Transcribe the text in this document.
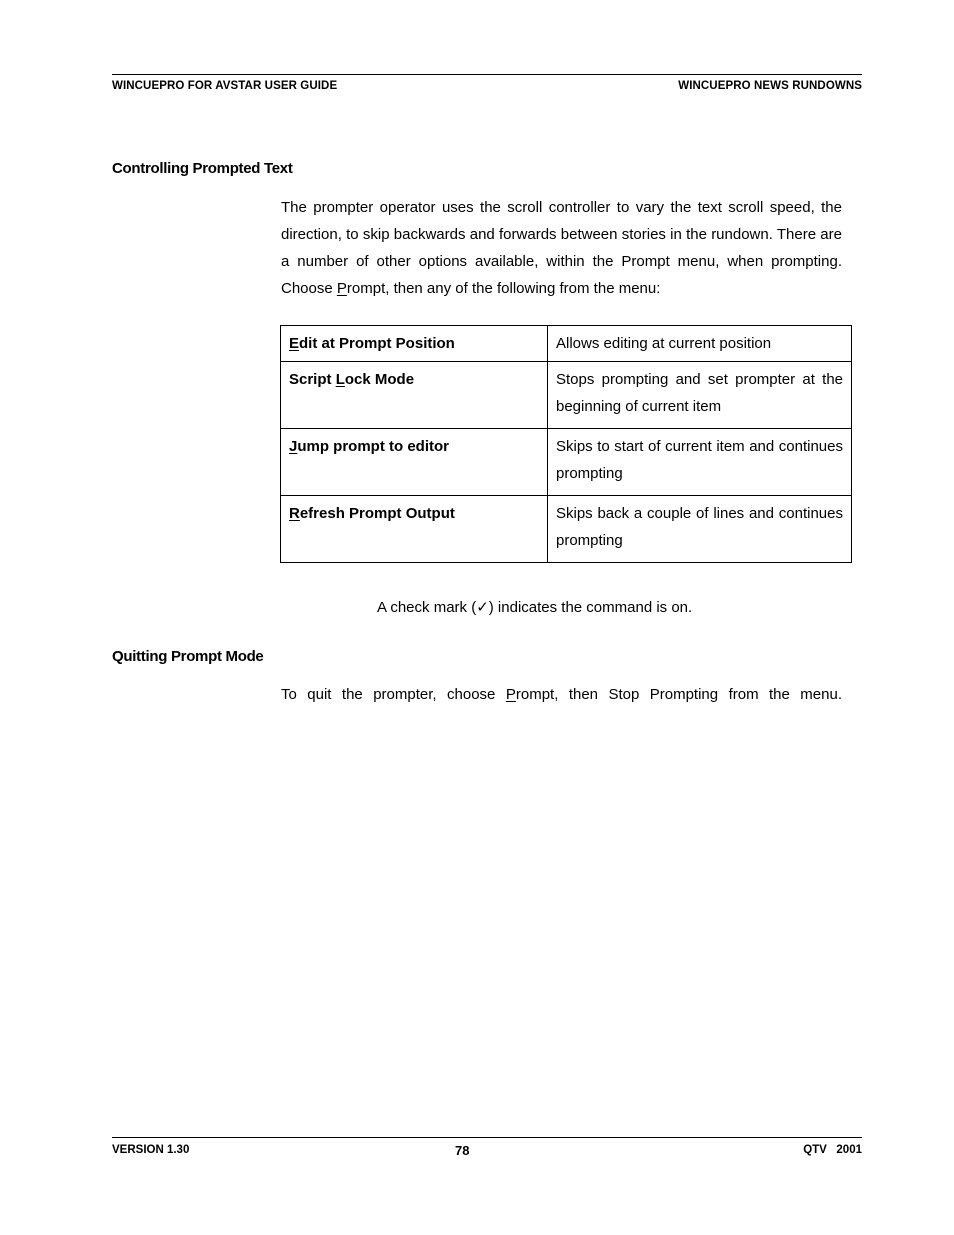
WINCUEPRO FOR AVSTAR USER GUIDE	WINCUEPRO NEWS RUNDOWNS
Controlling Prompted Text

The prompter operator uses the scroll controller to vary the text scroll speed, the direction, to skip backwards and forwards between stories in the rundown. There are a number of other options available, within the Prompt menu, when prompting. Choose Prompt, then any of the following from the menu:

Edit at Prompt Position	Allows editing at current position
Script Lock Mode	Stops prompting and set prompter at the beginning of current item
Jump prompt to editor	Skips to start of current item and continues prompting
Refresh Prompt Output	Skips back a couple of lines and continues prompting
A check mark (✓) indicates the command is on.
Quitting Prompt Mode

To quit the prompter, choose Prompt, then Stop Prompting from the menu.

VERSION 1.30	78	QTV   2001
